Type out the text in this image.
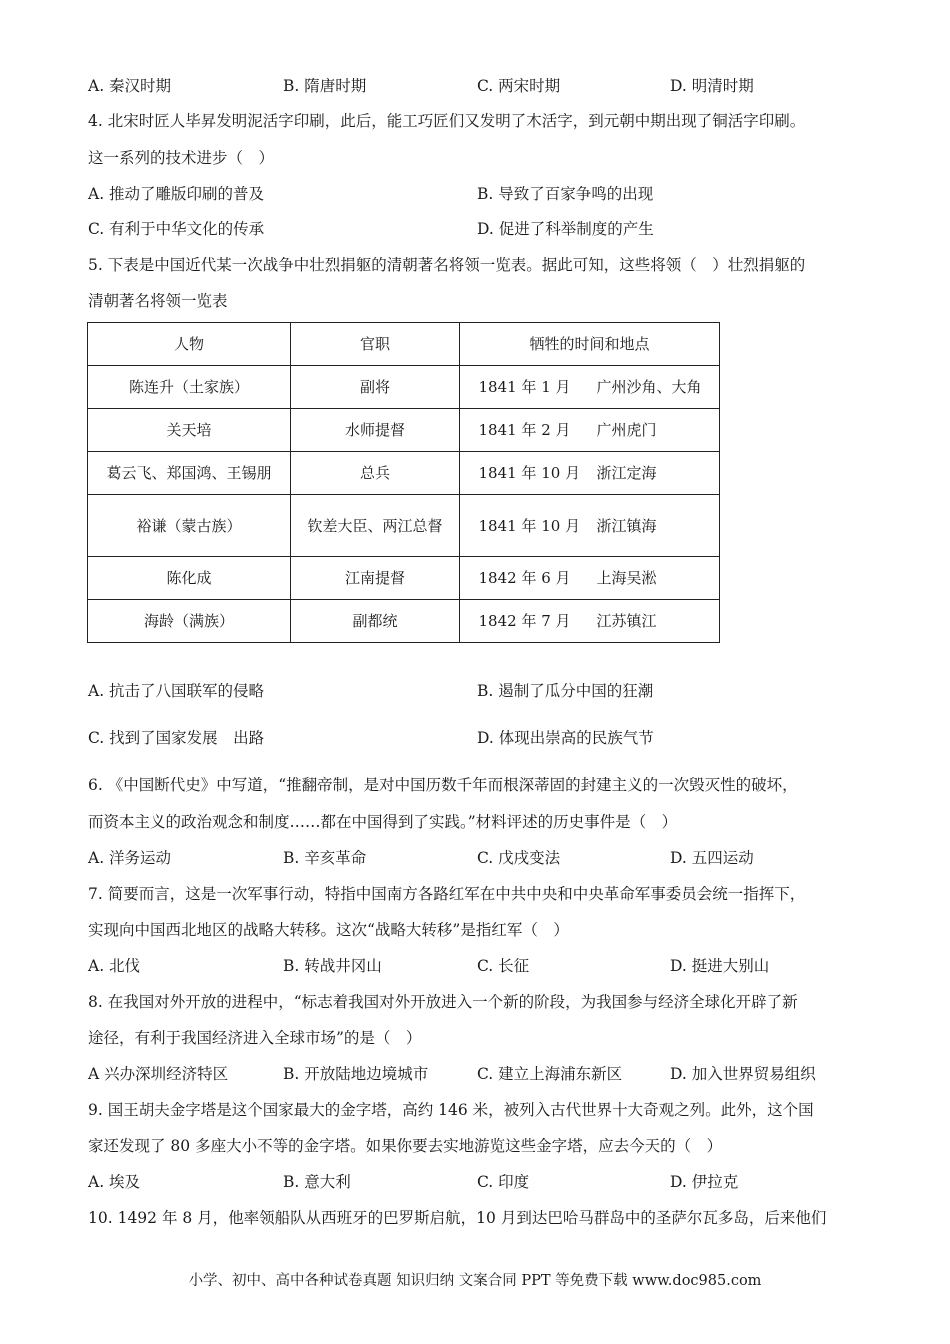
A. 秦汉时期	B. 隋唐时期	C. 两宋时期	D. 明清时期
4. 北宋时匠人毕昇发明泥活字印刷，此后，能工巧匠们又发明了木活字，到元朝中期出现了铜活字印刷。
这一系列的技术进步（　）
A. 推动了雕版印刷的普及	B. 导致了百家争鸣的出现
C. 有利于中华文化的传承	D. 促进了科举制度的产生
5. 下表是中国近代某一次战争中壮烈捐躯的清朝著名将领一览表。据此可知，这些将领（　）壮烈捐躯的
清朝著名将领一览表
人物	官职	牺牲的时间和地点
陈连升（土家族）	副将	1841 年 1 月 广州沙角、大角
关天培	水师提督	1841 年 2 月 广州虎门
葛云飞、郑国鸿、王锡朋	总兵	1841 年 10 月 浙江定海
裕谦（蒙古族）	钦差大臣、两江总督	1841 年 10 月 浙江镇海
陈化成	江南提督	1842 年 6 月 上海吴淞
海龄（满族）	副都统	1842 年 7 月 江苏镇江
A. 抗击了八国联军的侵略	B. 遏制了瓜分中国的狂潮
C. 找到了国家发展　出路	D. 体现出崇高的民族气节
6. 《中国断代史》中写道，“推翻帝制，是对中国历数千年而根深蒂固的封建主义的一次毁灭性的破坏，
而资本主义的政治观念和制度……都在中国得到了实践。”材料评述的历史事件是（　）
A. 洋务运动	B. 辛亥革命	C. 戊戌变法	D. 五四运动
7. 简要而言，这是一次军事行动，特指中国南方各路红军在中共中央和中央革命军事委员会统一指挥下，
实现向中国西北地区的战略大转移。这次“战略大转移”是指红军（　）
A. 北伐	B. 转战井冈山	C. 长征	D. 挺进大别山
8. 在我国对外开放的进程中，“标志着我国对外开放进入一个新的阶段，为我国参与经济全球化开辟了新
途径，有利于我国经济进入全球市场”的是（　）
A 兴办深圳经济特区	B. 开放陆地边境城市	C. 建立上海浦东新区	D. 加入世界贸易组织
9. 国王胡夫金字塔是这个国家最大的金字塔，高约 146 米，被列入古代世界十大奇观之列。此外，这个国
家还发现了 80 多座大小不等的金字塔。如果你要去实地游览这些金字塔，应去今天的（　）
A. 埃及	B. 意大利	C. 印度	D. 伊拉克
10. 1492 年 8 月，他率领船队从西班牙的巴罗斯启航，10 月到达巴哈马群岛中的圣萨尔瓦多岛，后来他们
小学、初中、高中各种试卷真题 知识归纳 文案合同 PPT 等免费下载 www.doc985.com
